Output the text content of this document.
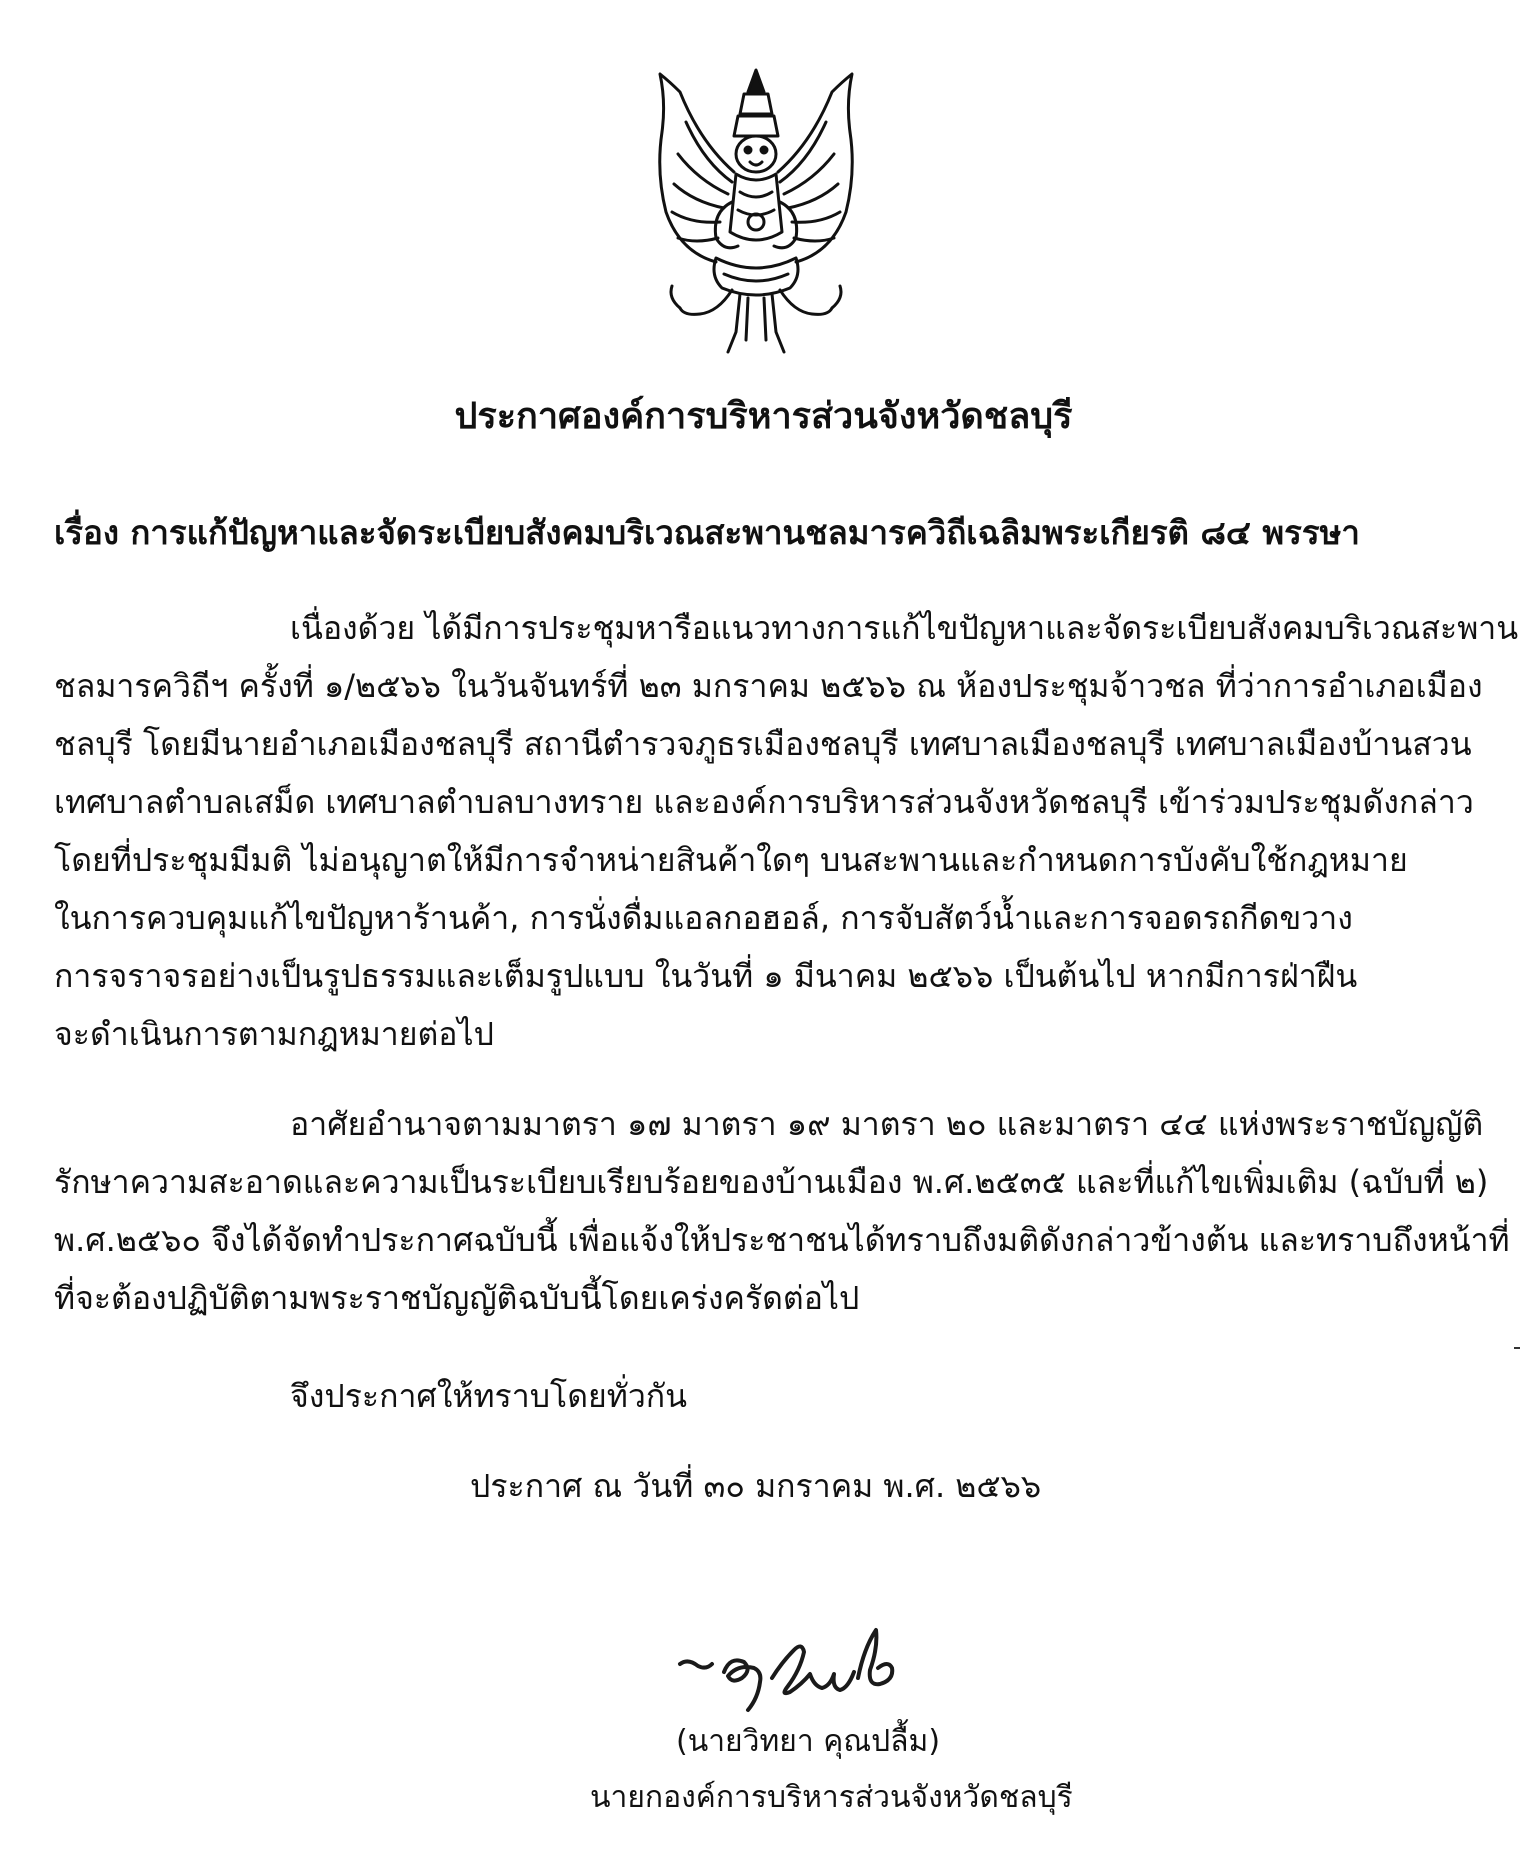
ประกาศองค์การบริหารส่วนจังหวัดชลบุรี
เรื่อง การแก้ปัญหาและจัดระเบียบสังคมบริเวณสะพานชลมารควิถีเฉลิมพระเกียรติ ๘๔ พรรษา
เนื่องด้วย ได้มีการประชุมหารือแนวทางการแก้ไขปัญหาและจัดระเบียบสังคมบริเวณสะพาน
ชลมารควิถีฯ ครั้งที่ ๑/๒๕๖๖ ในวันจันทร์ที่ ๒๓ มกราคม ๒๕๖๖ ณ ห้องประชุมจ้าวชล ที่ว่าการอำเภอเมือง
ชลบุรี โดยมีนายอำเภอเมืองชลบุรี สถานีตำรวจภูธรเมืองชลบุรี เทศบาลเมืองชลบุรี เทศบาลเมืองบ้านสวน
เทศบาลตำบลเสม็ด เทศบาลตำบลบางทราย และองค์การบริหารส่วนจังหวัดชลบุรี เข้าร่วมประชุมดังกล่าว
โดยที่ประชุมมีมติ ไม่อนุญาตให้มีการจำหน่ายสินค้าใดๆ บนสะพานและกำหนดการบังคับใช้กฎหมาย
ในการควบคุมแก้ไขปัญหาร้านค้า, การนั่งดื่มแอลกอฮอล์, การจับสัตว์น้ำและการจอดรถกีดขวาง
การจราจรอย่างเป็นรูปธรรมและเต็มรูปแบบ ในวันที่ ๑ มีนาคม ๒๕๖๖ เป็นต้นไป หากมีการฝ่าฝืน
จะดำเนินการตามกฎหมายต่อไป
อาศัยอำนาจตามมาตรา ๑๗ มาตรา ๑๙ มาตรา ๒๐ และมาตรา ๔๔ แห่งพระราชบัญญัติ
รักษาความสะอาดและความเป็นระเบียบเรียบร้อยของบ้านเมือง พ.ศ.๒๕๓๕ และที่แก้ไขเพิ่มเติม (ฉบับที่ ๒)
พ.ศ.๒๕๖๐ จึงได้จัดทำประกาศฉบับนี้ เพื่อแจ้งให้ประชาชนได้ทราบถึงมติดังกล่าวข้างต้น และทราบถึงหน้าที่
ที่จะต้องปฏิบัติตามพระราชบัญญัติฉบับนี้โดยเคร่งครัดต่อไป
จึงประกาศให้ทราบโดยทั่วกัน
ประกาศ ณ วันที่ ๓๐ มกราคม พ.ศ. ๒๕๖๖
(นายวิทยา คุณปลื้ม)
นายกองค์การบริหารส่วนจังหวัดชลบุรี
